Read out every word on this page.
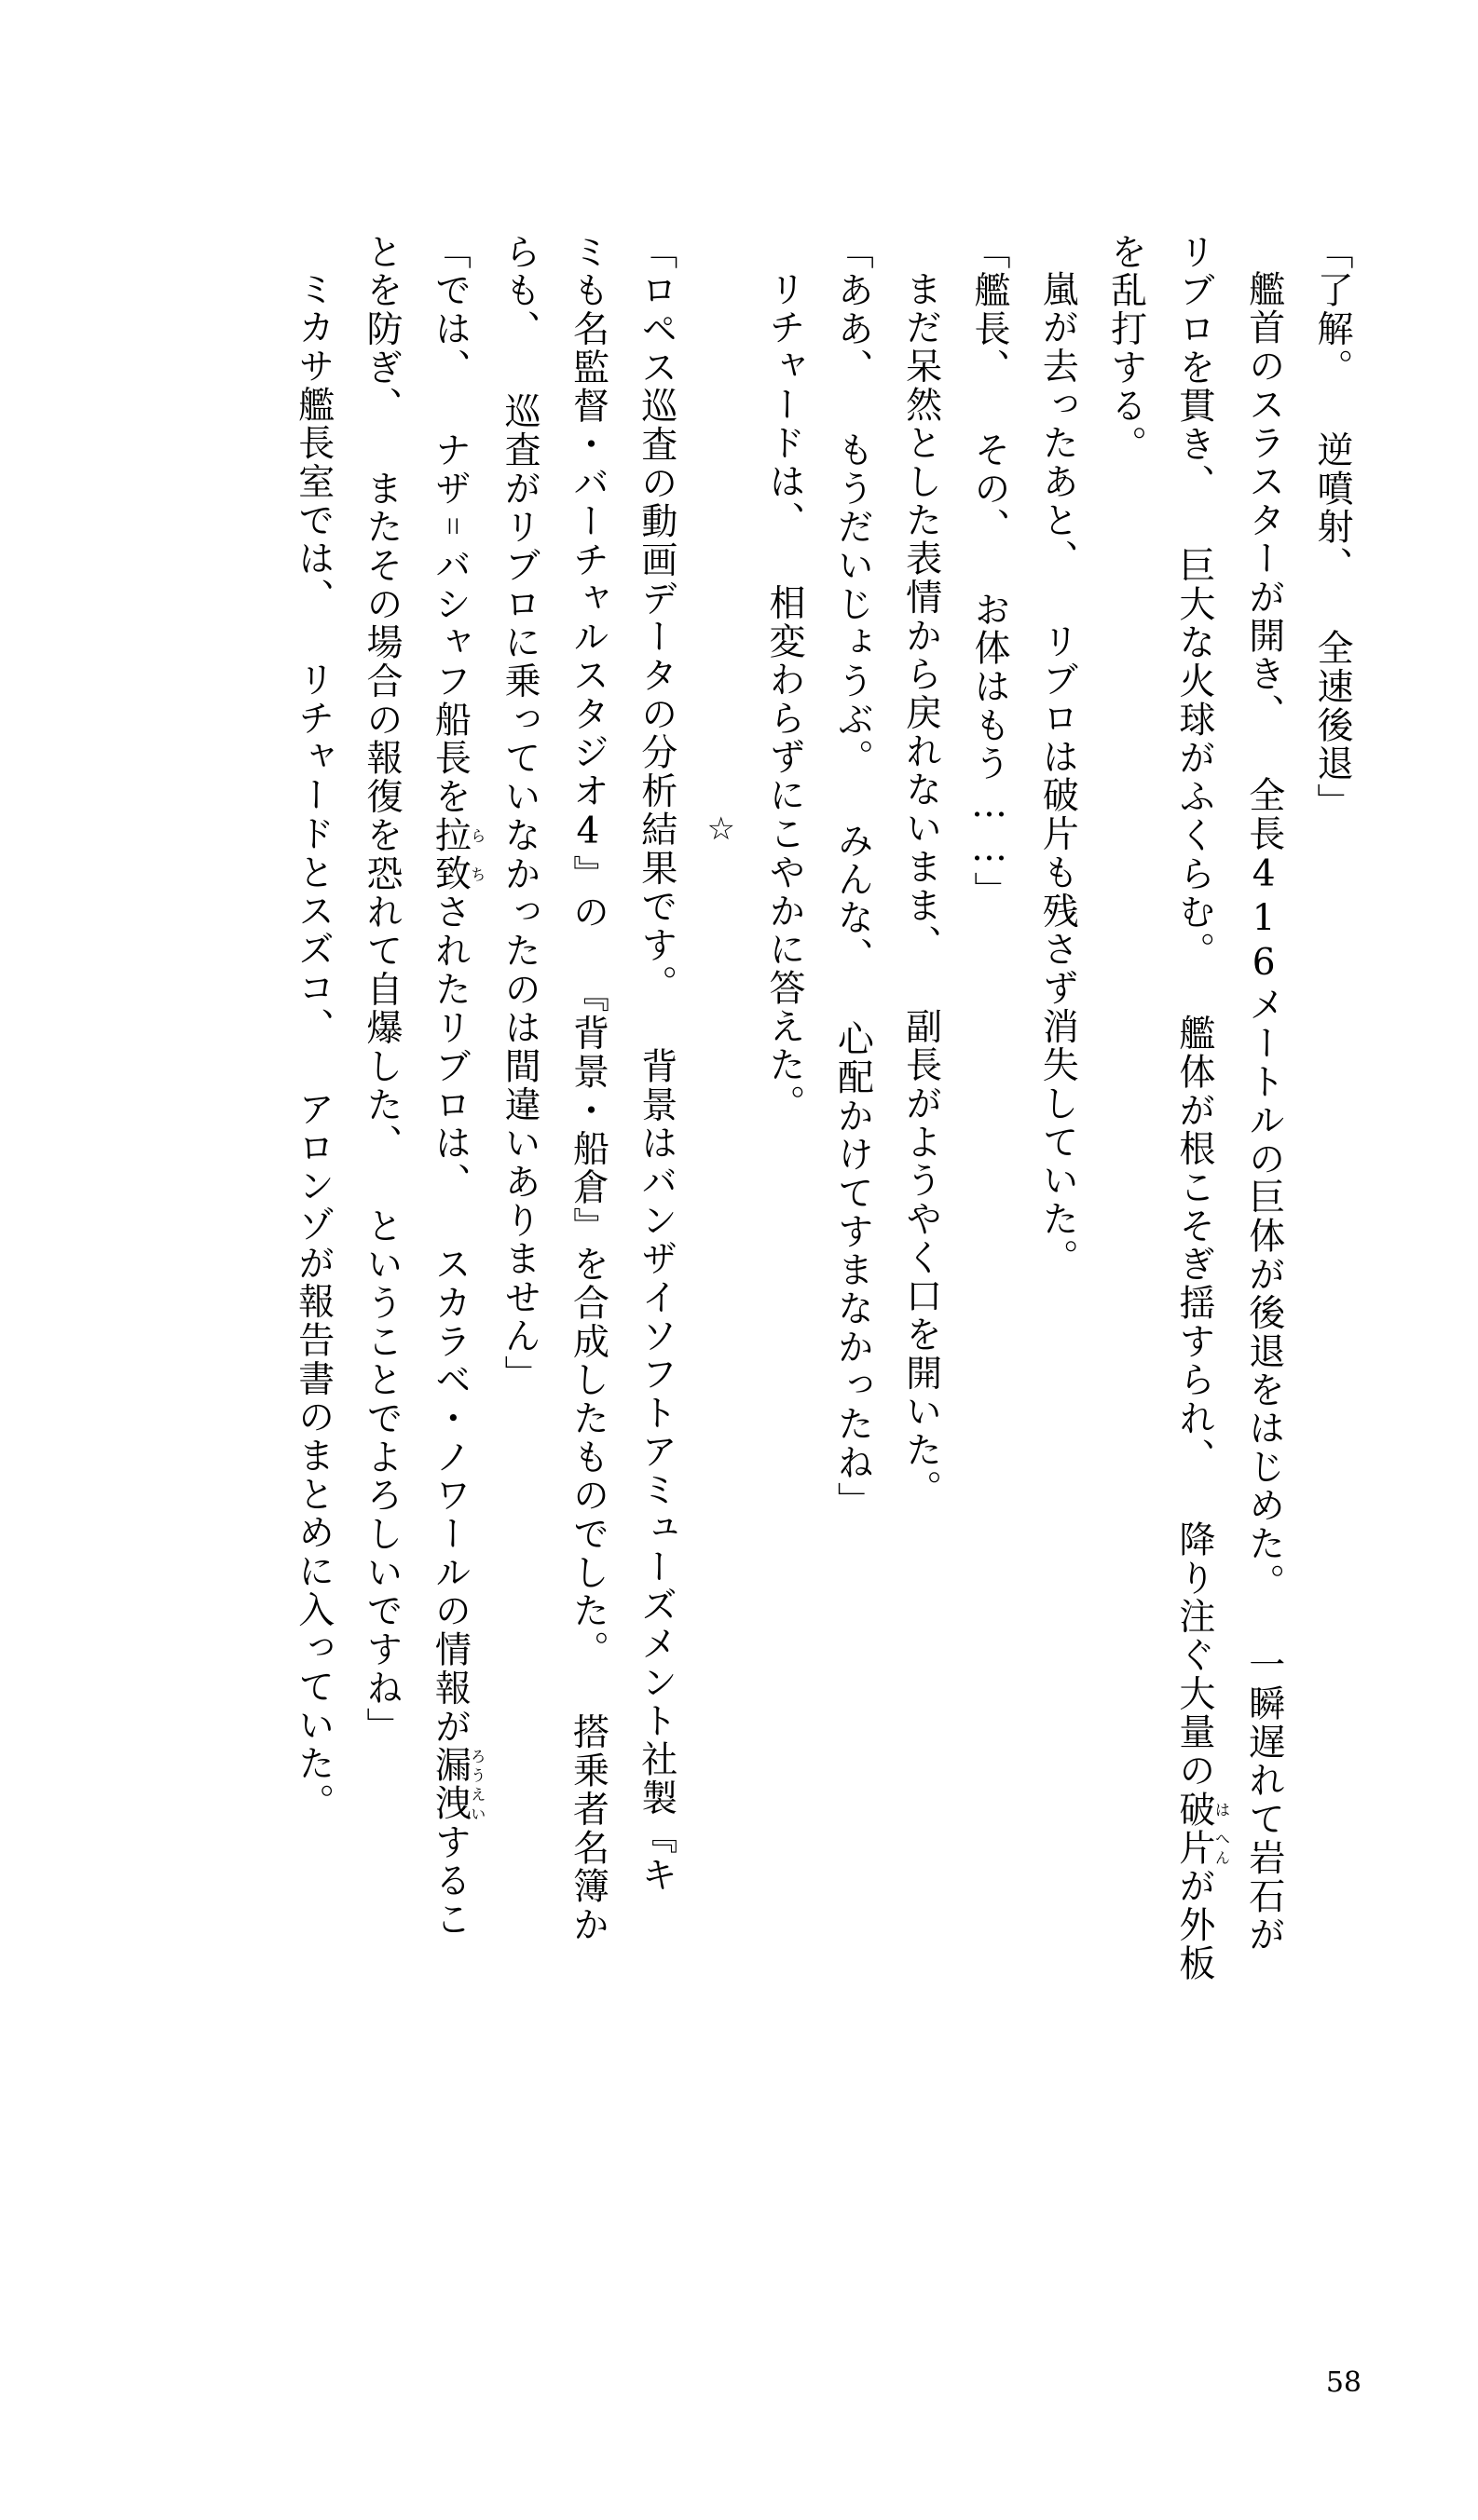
「了解。 逆噴射、 全速後退」
艦首のスラスターが開き、 全長416メートルの巨体が後退をはじめた。 一瞬遅れて岩石が
リブロを貫き、 巨大な火球がふくらむ。 艦体が根こそぎ揺すられ、 降り注ぐ大量の破は片へんが外板
を乱打する。
嵐が去ったあと、 リブロは破片も残さず消失していた。
「艦長、 その、 お体はもう……」
まだ呆然とした表情から戻れないまま、 副長がようやく口を開いた。
「ああ、 もうだいじょうぶ。 みんな、 心配かけてすまなかったね」
リチャードは、 相変わらずにこやかに答えた。
☆
「ロペス巡査の動画データの分析結果です。 背景はバンザイソフトアミューズメント社製『キ
ミも名監督・バーチャルスタジオ4』の 『背景・船倉』を合成したものでした。 搭乗者名簿か
らも、 巡査がリブロに乗っていなかったのは間違いありません」
「では、 ナザ゠バシャフ船長を拉ら致ちされたリブロは、 スカラベ・ノワールの情報が漏ろう洩えいするこ
とを防ぎ、 またその場合の報復を恐れて自爆した、 ということでよろしいですね」
ミカサ艦長室では、 リチャードとスズコ、 アロンゾが報告書のまとめに入っていた。
58
